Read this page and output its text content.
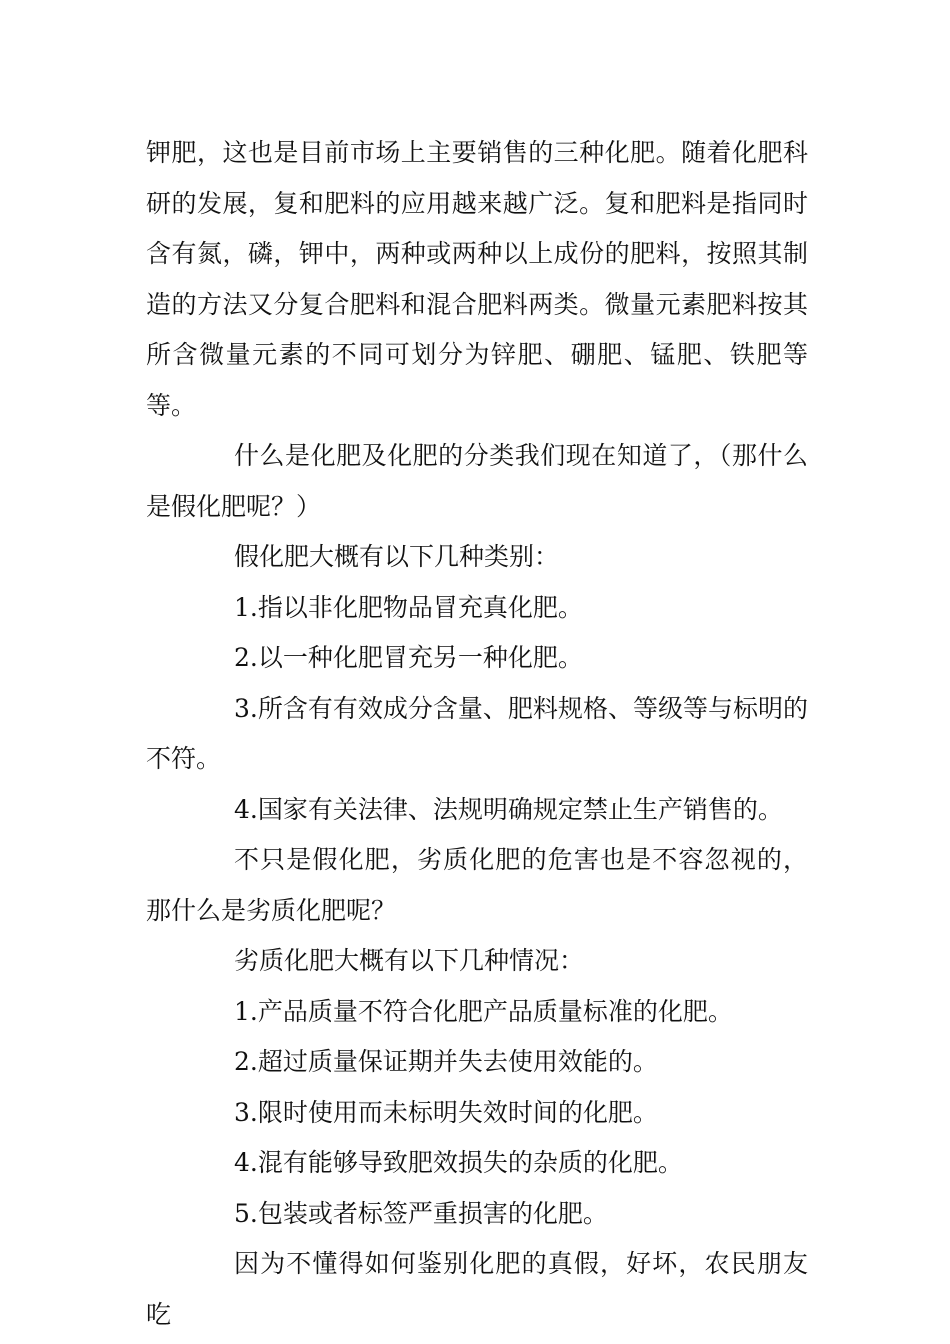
钾肥，这也是目前市场上主要销售的三种化肥。随着化肥科研的发展，复和肥料的应用越来越广泛。复和肥料是指同时含有氮，磷，钾中，两种或两种以上成份的肥料，按照其制造的方法又分复合肥料和混合肥料两类。微量元素肥料按其所含微量元素的不同可划分为锌肥、硼肥、锰肥、铁肥等等。

什么是化肥及化肥的分类我们现在知道了，（那什么是假化肥呢？）

假化肥大概有以下几种类别：

1.指以非化肥物品冒充真化肥。

2.以一种化肥冒充另一种化肥。

3.所含有有效成分含量、肥料规格、等级等与标明的不符。

4.国家有关法律、法规明确规定禁止生产销售的。

不只是假化肥，劣质化肥的危害也是不容忽视的，那什么是劣质化肥呢？

劣质化肥大概有以下几种情况：

1.产品质量不符合化肥产品质量标准的化肥。

2.超过质量保证期并失去使用效能的。

3.限时使用而未标明失效时间的化肥。

4.混有能够导致肥效损失的杂质的化肥。

5.包装或者标签严重损害的化肥。

因为不懂得如何鉴别化肥的真假，好坏，农民朋友吃
